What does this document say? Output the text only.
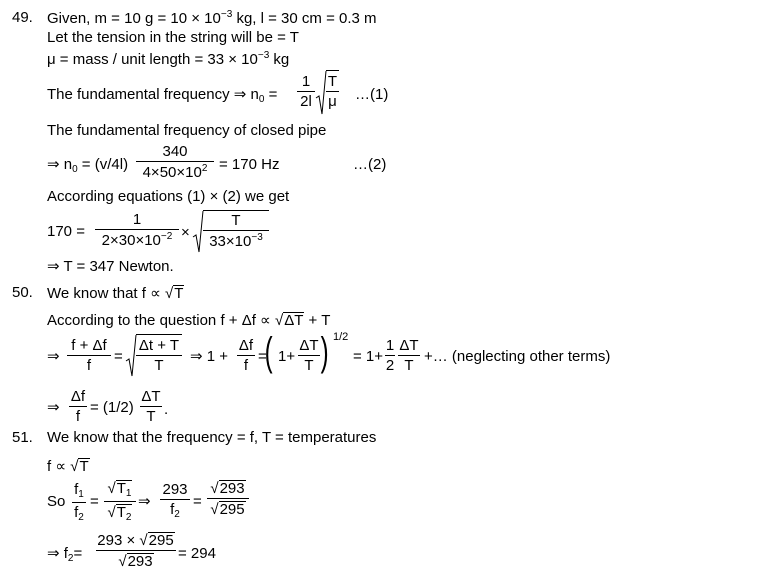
49. Given, m = 10 $g = 10 \times 10^{-3}$ kg, l = 30 cm = 0.3 m
Let the tension in the string will be = T
μ = mass / unit length = $33 \times 10^{-3}$ kg
The fundamental frequency ⇒ $n_0$ =
1
2l
T
μ …(1)
The fundamental frequency of closed pipe
⇒ $n_0 = (v/4l)$
340
$4\times 50\times 10^2 = 170$ Hz	…(2)
According equations (1) × (2) we get
170 =
1
$2\times 30\times 10^{-2}$ ×
T
$33\times 10^{-3}$
⇒ T = 347 Newton.
50. We know that f ∝ √T
According to the question f + Δf ∝ √ΔT + T
⇒
f + Δf
f
=
Δt + T
T
⇒ 1 +
Δf
f
=
( 1+
ΔT
T ) 1/2
= 1+
1
2
ΔT
T
+… (neglecting other terms)
⇒
Δf
f
= (1/2)
ΔT
T .
51. We know that the frequency = f, T = temperatures
f ∝ √T
So
$f_1$
$f_2$
=
$√T_1$
$√T_2$
⇒
293
$f_2$
=
√293
√295
⇒ $f_2=$
293 × √295
√293	= 294
